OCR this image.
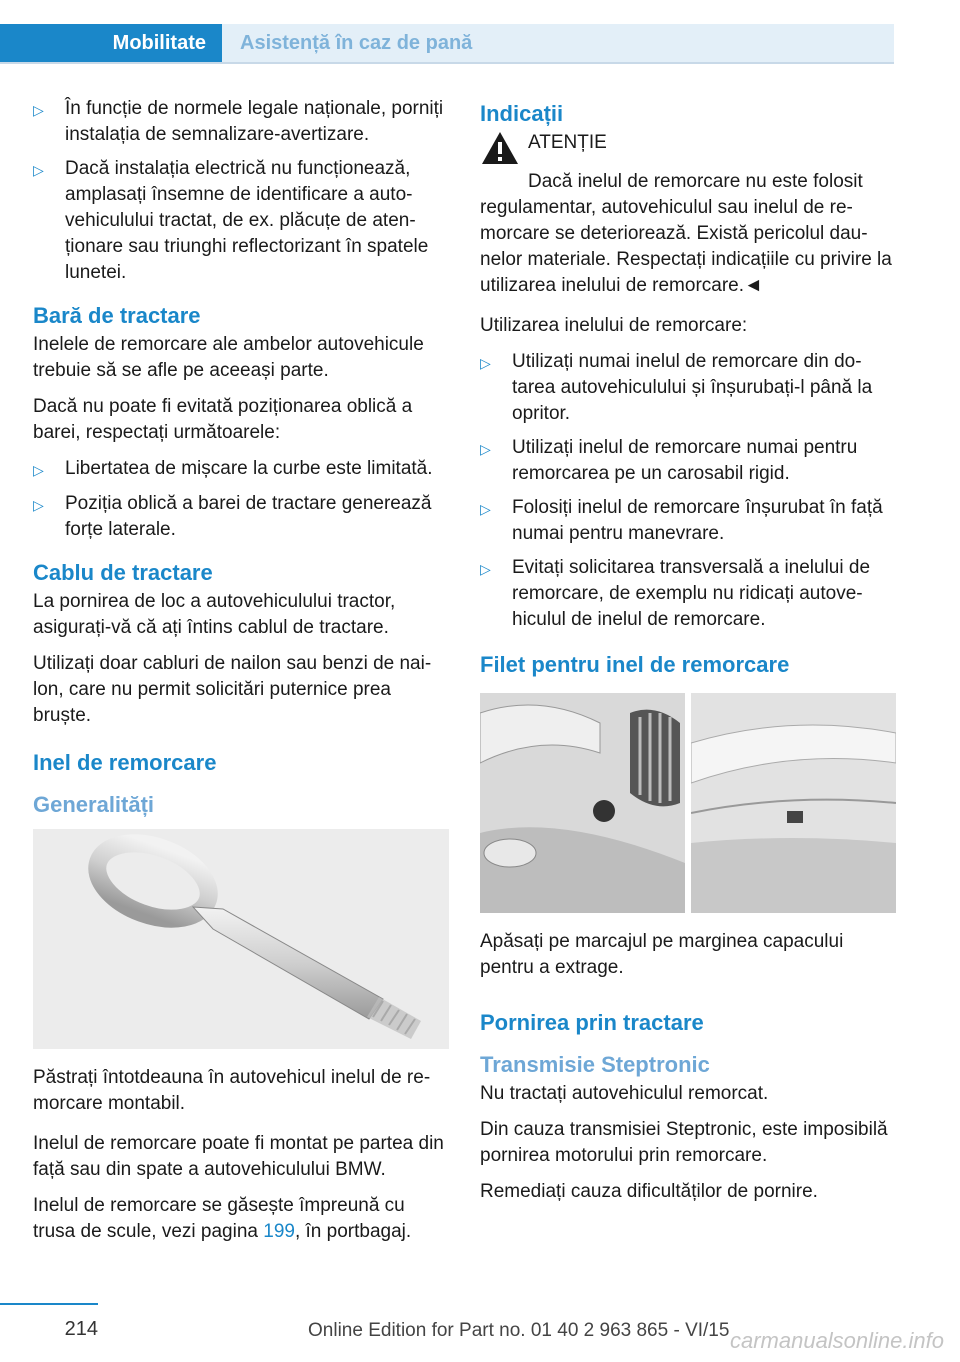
Mobilitate	Asistență în caz de pană
▷	În funcție de normele legale naționale, porniți instalația de semnalizare-avertizare.
▷	Dacă instalația electrică nu funcționează, amplasați însemne de identificare a autovehiculului tractat, de ex. plăcuțe de atenționare sau triunghi reflectorizant în spatele lunetei.
Bară de tractare

Inelele de remorcare ale ambelor autovehicule trebuie să se afle pe aceeași parte.

Dacă nu poate fi evitată poziționarea oblică a barei, respectați următoarele:

▷	Libertatea de mișcare la curbe este limitată.
▷	Poziția oblică a barei de tractare generează forțe laterale.
Cablu de tractare

La pornirea de loc a autovehiculului tractor, asigurați-vă că ați întins cablul de tractare.

Utilizați doar cabluri de nailon sau benzi de nailon, care nu permit solicitări puternice prea bruște.

Inel de remorcare
Generalități

Păstrați întotdeauna în autovehicul inelul de remorcare montabil.

Inelul de remorcare poate fi montat pe partea din față sau din spate a autovehiculului BMW.

Inelul de remorcare se găsește împreună cu trusa de scule, vezi pagina 199, în portbagaj.

Indicații

ATENȚIE

Dacă inelul de remorcare nu este folosit regulamentar, autovehiculul sau inelul de remorcare se deteriorează. Există pericolul daunelor materiale. Respectați indicațiile cu privire la utilizarea inelului de remorcare.◄

Utilizarea inelului de remorcare:

▷	Utilizați numai inelul de remorcare din dotarea autovehiculului și înșurubați-l până la opritor.
▷	Utilizați inelul de remorcare numai pentru remorcarea pe un carosabil rigid.
▷	Folosiți inelul de remorcare înșurubat în față numai pentru manevrare.
▷	Evitați solicitarea transversală a inelului de remorcare, de exemplu nu ridicați autovehiculul de inelul de remorcare.
Filet pentru inel de remorcare

Apăsați pe marcajul pe marginea capacului pentru a extrage.

Pornirea prin tractare
Transmisie Steptronic

Nu tractați autovehiculul remorcat.

Din cauza transmisiei Steptronic, este imposibilă pornirea motorului prin remorcare.

Remediați cauza dificultăților de pornire.

214	Online Edition for Part no. 01 40 2 963 865 - VI/15 carmanualsonline.info
